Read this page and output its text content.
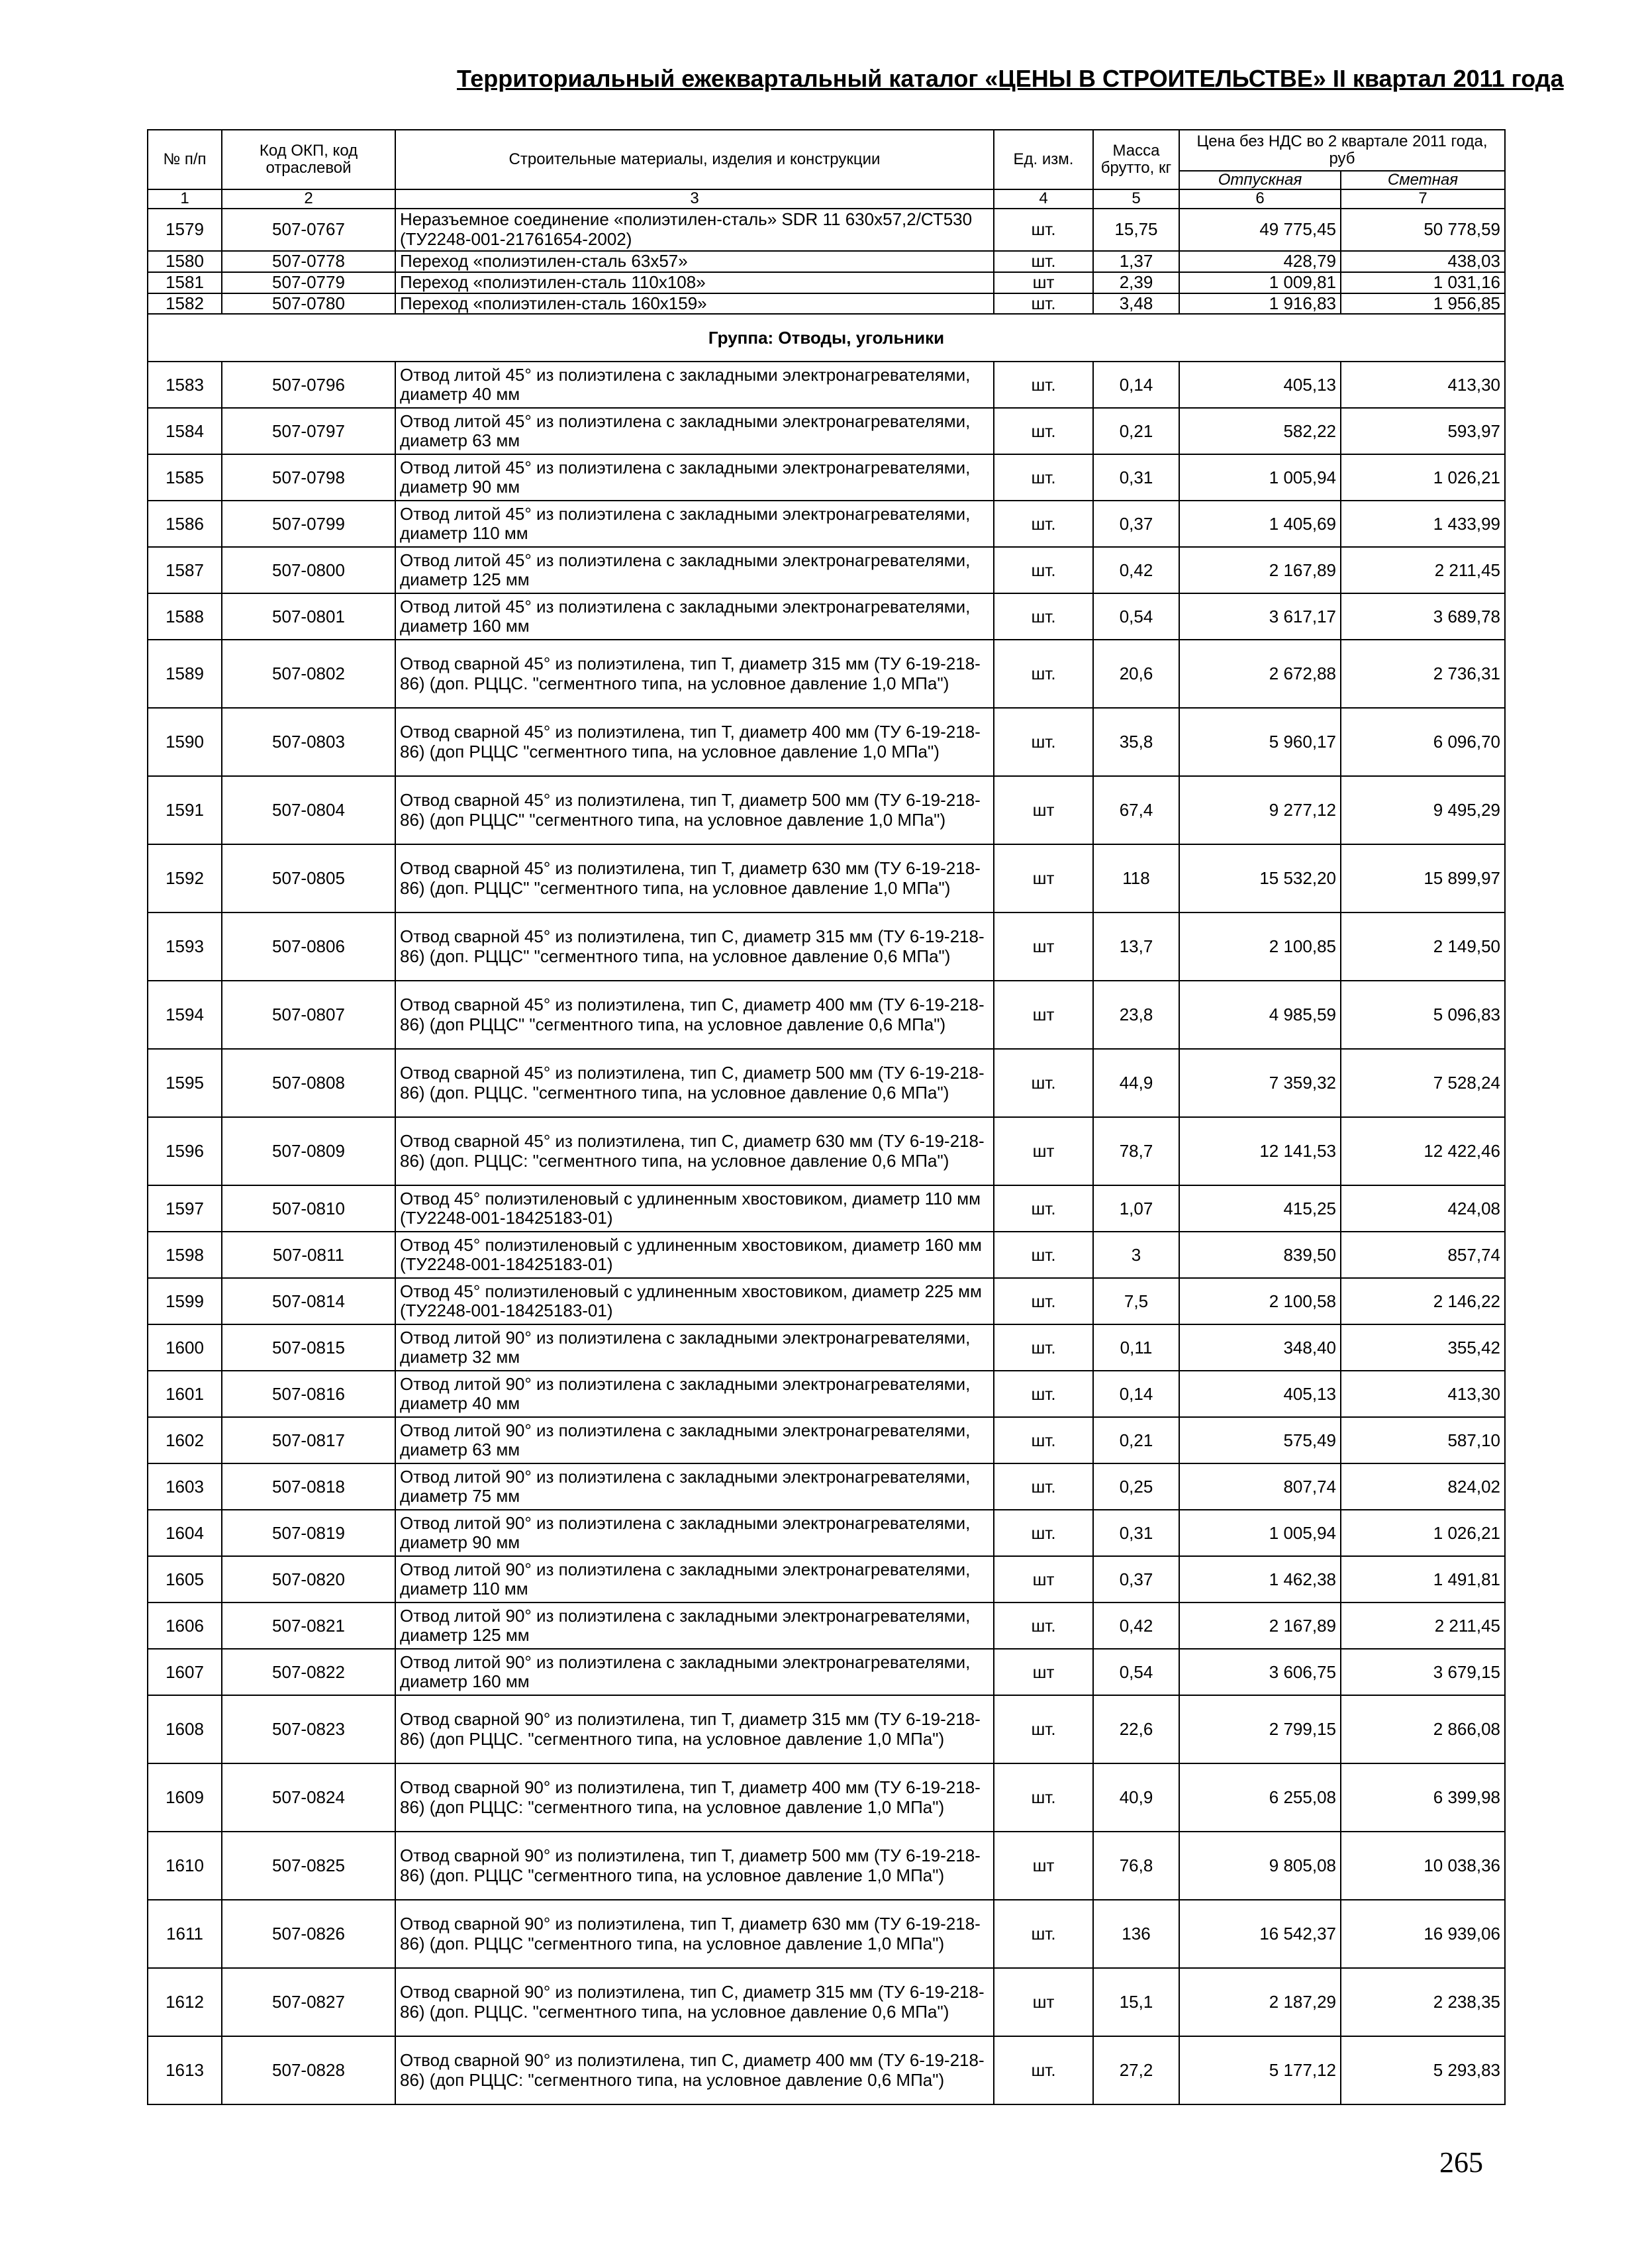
Территориальный ежеквартальный каталог «ЦЕНЫ В СТРОИТЕЛЬСТВЕ» II квартал 2011 года
№ п/п	Код ОКП, код отраслевой	Строительные материалы, изделия и конструкции	Ед. изм.	Масса брутто, кг	Цена без НДС во 2 квартале 2011 года, руб	
					Отпускная	Сметная
1	2	3	4	5	6	7
1579	507-0767	Неразъемное соединение «полиэтилен-сталь» SDR 11 630х57,2/СТ530 (ТУ2248-001-21761654-2002)	шт.	15,75	49 775,45	50 778,59
1580	507-0778	Переход «полиэтилен-сталь 63х57»	шт.	1,37	428,79	438,03
1581	507-0779	Переход «полиэтилен-сталь 110х108»	шт	2,39	1 009,81	1 031,16
1582	507-0780	Переход «полиэтилен-сталь 160х159»	шт.	3,48	1 916,83	1 956,85
Группа: Отводы, угольники						
1583	507-0796	Отвод литой 45° из полиэтилена с закладными электронагревателями, диаметр 40 мм	шт.	0,14	405,13	413,30
1584	507-0797	Отвод литой 45° из полиэтилена с закладными электронагревателями, диаметр 63 мм	шт.	0,21	582,22	593,97
1585	507-0798	Отвод литой 45° из полиэтилена с закладными электронагревателями, диаметр 90 мм	шт.	0,31	1 005,94	1 026,21
1586	507-0799	Отвод литой 45° из полиэтилена с закладными электронагревателями, диаметр 110 мм	шт.	0,37	1 405,69	1 433,99
1587	507-0800	Отвод литой 45° из полиэтилена с закладными электронагревателями, диаметр 125 мм	шт.	0,42	2 167,89	2 211,45
1588	507-0801	Отвод литой 45° из полиэтилена с закладными электронагревателями, диаметр 160 мм	шт.	0,54	3 617,17	3 689,78
1589	507-0802	Отвод сварной 45° из полиэтилена, тип Т, диаметр 315 мм (ТУ 6-19-218-86) (доп. РЦЦС. "сегментного типа, на условное давление 1,0 МПа")	шт.	20,6	2 672,88	2 736,31
1590	507-0803	Отвод сварной 45° из полиэтилена, тип Т, диаметр 400 мм (ТУ 6-19-218-86) (доп РЦЦС "сегментного типа, на условное давление 1,0 МПа")	шт.	35,8	5 960,17	6 096,70
1591	507-0804	Отвод сварной 45° из полиэтилена, тип Т, диаметр 500 мм (ТУ 6-19-218-86) (доп РЦЦС" "сегментного типа, на условное давление 1,0 МПа")	шт	67,4	9 277,12	9 495,29
1592	507-0805	Отвод сварной 45° из полиэтилена, тип Т, диаметр 630 мм (ТУ 6-19-218-86) (доп. РЦЦС" "сегментного типа, на условное давление 1,0 МПа")	шт	118	15 532,20	15 899,97
1593	507-0806	Отвод сварной 45° из полиэтилена, тип С, диаметр 315 мм (ТУ 6-19-218-86) (доп. РЦЦС" "сегментного типа, на условное давление 0,6 МПа")	шт	13,7	2 100,85	2 149,50
1594	507-0807	Отвод сварной 45° из полиэтилена, тип С, диаметр 400 мм (ТУ 6-19-218-86) (доп РЦЦС" "сегментного типа, на условное давление 0,6 МПа")	шт	23,8	4 985,59	5 096,83
1595	507-0808	Отвод сварной 45° из полиэтилена, тип С, диаметр 500 мм (ТУ 6-19-218-86) (доп. РЦЦС. "сегментного типа, на условное давление 0,6 МПа")	шт.	44,9	7 359,32	7 528,24
1596	507-0809	Отвод сварной 45° из полиэтилена, тип С, диаметр 630 мм (ТУ 6-19-218-86) (доп. РЦЦС: "сегментного типа, на условное давление 0,6 МПа")	шт	78,7	12 141,53	12 422,46
1597	507-0810	Отвод 45° полиэтиленовый с удлиненным хвостовиком, диаметр 110 мм (ТУ2248-001-18425183-01)	шт.	1,07	415,25	424,08
1598	507-0811	Отвод 45° полиэтиленовый с удлиненным хвостовиком, диаметр 160 мм (ТУ2248-001-18425183-01)	шт.	3	839,50	857,74
1599	507-0814	Отвод 45° полиэтиленовый с удлиненным хвостовиком, диаметр 225 мм (ТУ2248-001-18425183-01)	шт.	7,5	2 100,58	2 146,22
1600	507-0815	Отвод литой 90° из полиэтилена с закладными электронагревателями, диаметр 32 мм	шт.	0,11	348,40	355,42
1601	507-0816	Отвод литой 90° из полиэтилена с закладными электронагревателями, диаметр 40 мм	шт.	0,14	405,13	413,30
1602	507-0817	Отвод литой 90° из полиэтилена с закладными электронагревателями, диаметр 63 мм	шт.	0,21	575,49	587,10
1603	507-0818	Отвод литой 90° из полиэтилена с закладными электронагревателями, диаметр 75 мм	шт.	0,25	807,74	824,02
1604	507-0819	Отвод литой 90° из полиэтилена с закладными электронагревателями, диаметр 90 мм	шт.	0,31	1 005,94	1 026,21
1605	507-0820	Отвод литой 90° из полиэтилена с закладными электронагревателями, диаметр 110 мм	шт	0,37	1 462,38	1 491,81
1606	507-0821	Отвод литой 90° из полиэтилена с закладными электронагревателями, диаметр 125 мм	шт.	0,42	2 167,89	2 211,45
1607	507-0822	Отвод литой 90° из полиэтилена с закладными электронагревателями, диаметр 160 мм	шт	0,54	3 606,75	3 679,15
1608	507-0823	Отвод сварной 90° из полиэтилена, тип Т, диаметр 315 мм (ТУ 6-19-218-86) (доп РЦЦС. "сегментного типа, на условное давление 1,0 МПа")	шт.	22,6	2 799,15	2 866,08
1609	507-0824	Отвод сварной 90° из полиэтилена, тип Т, диаметр 400 мм (ТУ 6-19-218-86) (доп РЦЦС: "сегментного типа, на условное давление 1,0 МПа")	шт.	40,9	6 255,08	6 399,98
1610	507-0825	Отвод сварной 90° из полиэтилена, тип Т, диаметр 500 мм (ТУ 6-19-218-86) (доп. РЦЦС "сегментного типа, на условное давление 1,0 МПа")	шт	76,8	9 805,08	10 038,36
1611	507-0826	Отвод сварной 90° из полиэтилена, тип Т, диаметр 630 мм (ТУ 6-19-218-86) (доп. РЦЦС "сегментного типа, на условное давление 1,0 МПа")	шт.	136	16 542,37	16 939,06
1612	507-0827	Отвод сварной 90° из полиэтилена, тип С, диаметр 315 мм (ТУ 6-19-218-86) (доп. РЦЦС. "сегментного типа, на условное давление 0,6 МПа")	шт	15,1	2 187,29	2 238,35
1613	507-0828	Отвод сварной 90° из полиэтилена, тип С, диаметр 400 мм (ТУ 6-19-218-86) (доп РЦЦС: "сегментного типа, на условное давление 0,6 МПа")	шт.	27,2	5 177,12	5 293,83
265
